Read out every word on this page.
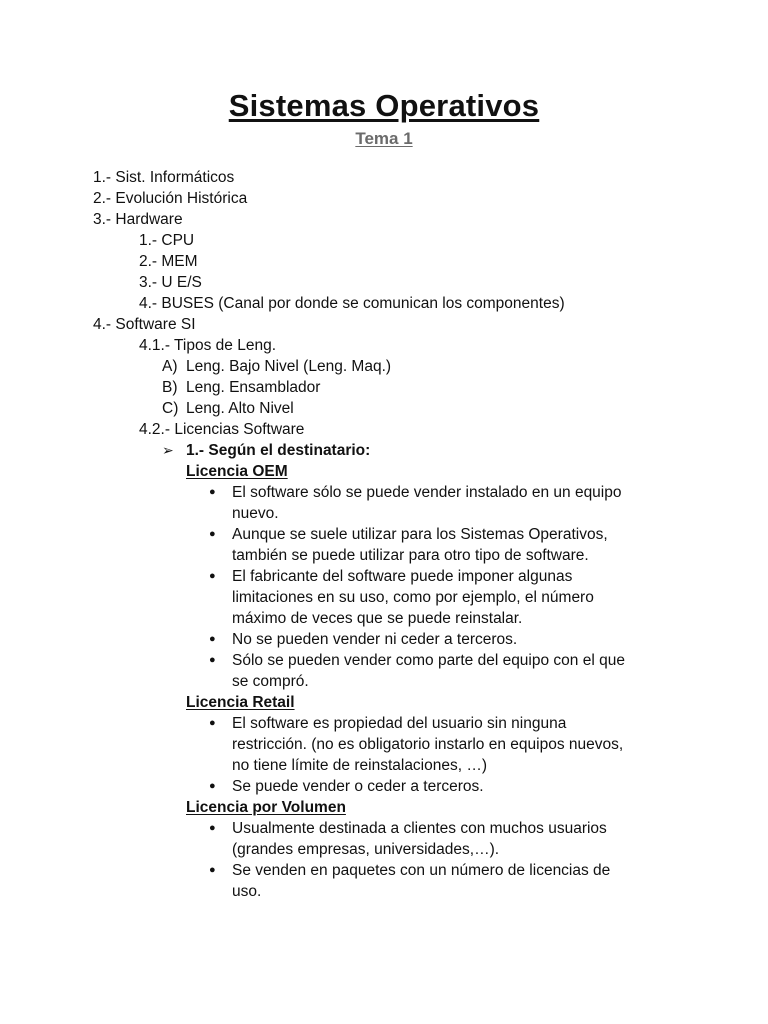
Sistemas Operativos
Tema 1
1.- Sist. Informáticos
2.- Evolución Histórica
3.- Hardware
1.- CPU
2.- MEM
3.- U E/S
4.- BUSES (Canal por donde se comunican los componentes)
4.- Software SI
4.1.- Tipos de Leng.
A) Leng. Bajo Nivel (Leng. Maq.)
B) Leng. Ensamblador
C) Leng. Alto Nivel
4.2.- Licencias Software
➢ 1.- Según el destinatario:
Licencia OEM
● El software sólo se puede vender instalado en un equipo
nuevo.
● Aunque se suele utilizar para los Sistemas Operativos,
también se puede utilizar para otro tipo de software.
● El fabricante del software puede imponer algunas
limitaciones en su uso, como por ejemplo, el número
máximo de veces que se puede reinstalar.
● No se pueden vender ni ceder a terceros.
● Sólo se pueden vender como parte del equipo con el que
se compró.
Licencia Retail
● El software es propiedad del usuario sin ninguna
restricción. (no es obligatorio instarlo en equipos nuevos,
no tiene límite de reinstalaciones, …)
● Se puede vender o ceder a terceros.
Licencia por Volumen
● Usualmente destinada a clientes con muchos usuarios
(grandes empresas, universidades,…).
● Se venden en paquetes con un número de licencias de
uso.
